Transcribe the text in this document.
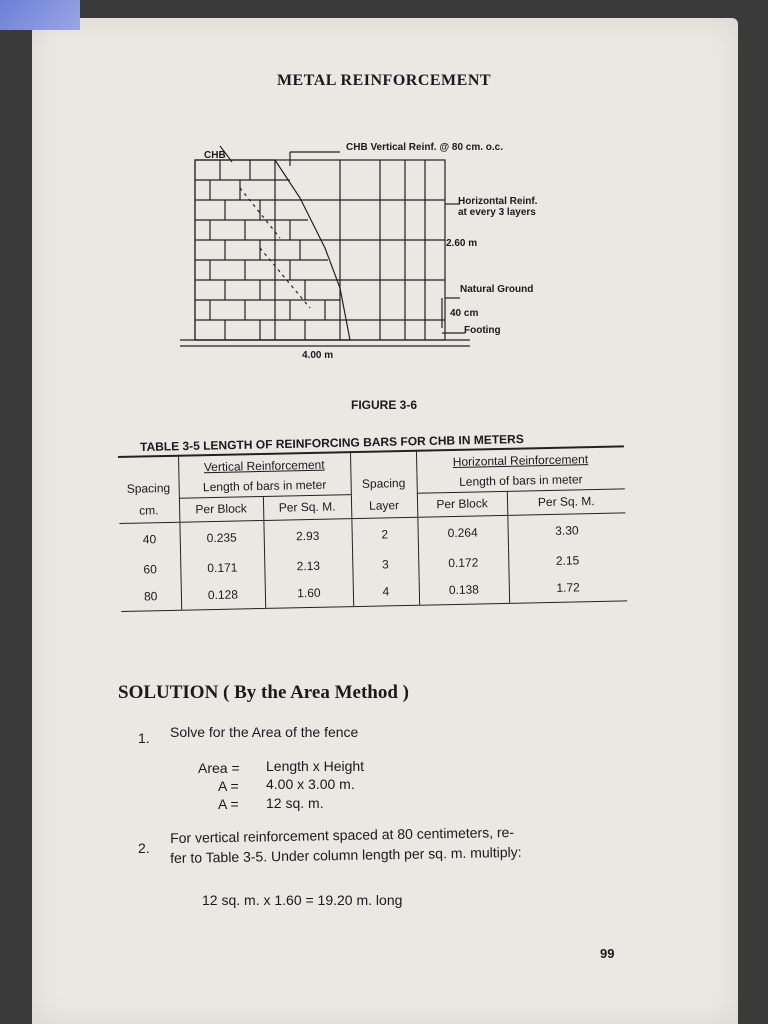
METAL REINFORCEMENT
CHB
CHB Vertical Reinf. @ 80 cm. o.c.
Horizontal Reinf.
at every 3 layers
2.60 m
Natural Ground
40 cm
Footing
4.00 m
FIGURE 3-6
TABLE 3-5 LENGTH OF REINFORCING BARS FOR CHB IN METERS
	Vertical Reinforcement			Horizontal Reinforcement	
Spacing	Length of bars in meter		Spacing	Length of bars in meter	
cm.	Per Block	Per Sq. M.	Layer	Per Block	Per Sq. M.
40	0.235	2.93	2	0.264	3.30
60	0.171	2.13	3	0.172	2.15
80	0.128	1.60	4	0.138	1.72
SOLUTION ( By the Area Method )
1. Solve for the Area of the fence
Area = Length x Height
A = 4.00 x 3.00 m.
A = 12 sq. m.
2.
For vertical reinforcement spaced at 80 centimeters, re-
fer to Table 3-5. Under column length per sq. m. multiply:
12 sq. m. x 1.60 = 19.20 m. long
99
